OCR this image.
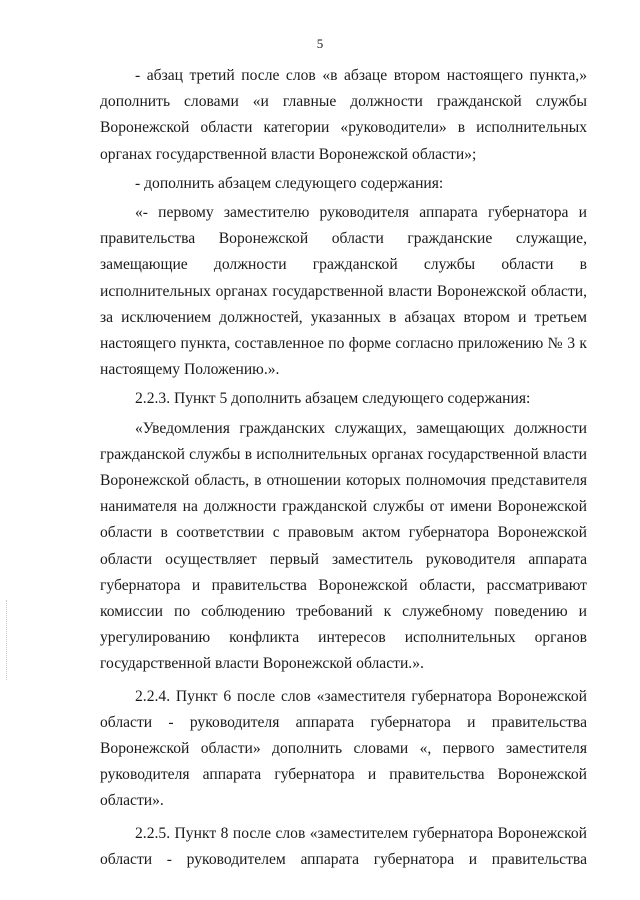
5

- абзац третий после слов «в абзаце втором настоящего пункта,» дополнить словами «и главные должности гражданской службы Воронежской области категории «руководители» в исполнительных органах государственной власти Воронежской области»;

- дополнить абзацем следующего содержания:

«- первому заместителю руководителя аппарата губернатора и правительства Воронежской области гражданские служащие, замещающие должности гражданской службы области в исполнительных органах государственной власти Воронежской области, за исключением должностей, указанных в абзацах втором и третьем настоящего пункта, составленное по форме согласно приложению № 3 к настоящему Положению.».

2.2.3. Пункт 5 дополнить абзацем следующего содержания:

«Уведомления гражданских служащих, замещающих должности гражданской службы в исполнительных органах государственной власти Воронежской область, в отношении которых полномочия представителя нанимателя на должности гражданской службы от имени Воронежской области в соответствии с правовым актом губернатора Воронежской области осуществляет первый заместитель руководителя аппарата губернатора и правительства Воронежской области, рассматривают комиссии по соблюдению требований к служебному поведению и урегулированию конфликта интересов исполнительных органов государственной власти Воронежской области.».

2.2.4. Пункт 6 после слов «заместителя губернатора Воронежской области - руководителя аппарата губернатора и правительства Воронежской области» дополнить словами «, первого заместителя руководителя аппарата губернатора и правительства Воронежской области».

2.2.5. Пункт 8 после слов «заместителем губернатора Воронежской области - руководителем аппарата губернатора и правительства
